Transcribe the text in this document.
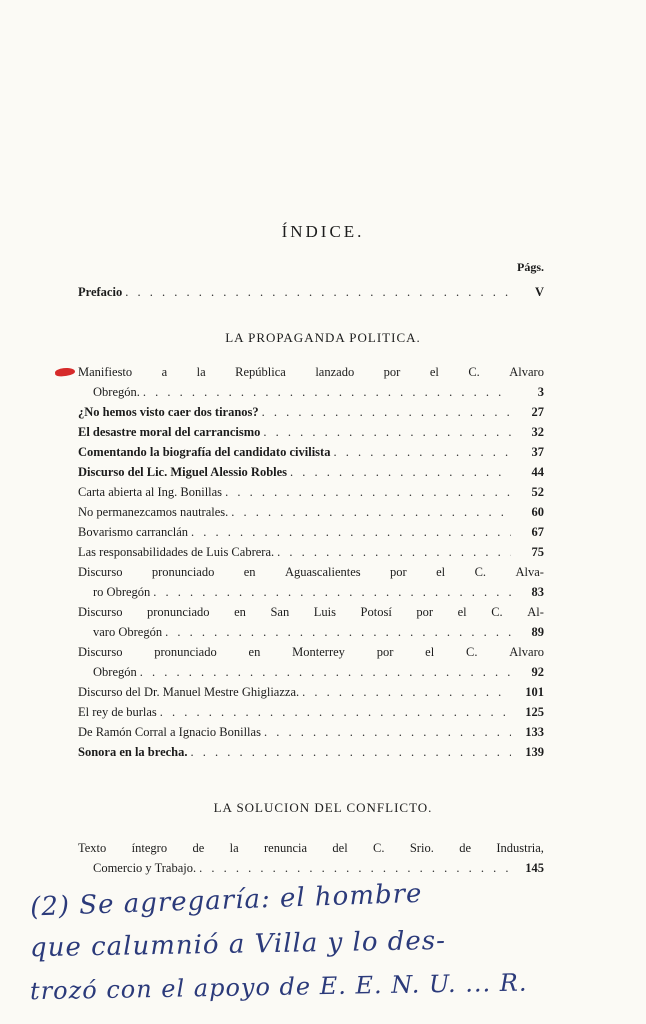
ÍNDICE.
Págs.
Prefacio . . .	V
LA PROPAGANDA POLITICA.
Manifiesto a la República lanzado por el C. Alvaro
Obregón. . . .	3
¿No hemos visto caer dos tiranos? . . .	27
El desastre moral del carrancismo . . .	32
Comentando la biografía del candidato civilista . . .	37
Discurso del Lic. Miguel Alessio Robles . . .	44
Carta abierta al Ing. Bonillas . . .	52
No permanezcamos nautrales. . . .	60
Bovarismo carranclán . . .	67
Las responsabilidades de Luis Cabrera. . . .	75
Discurso pronunciado en Aguascalientes por el C. Alva-
ro Obregón . . .	83
Discurso pronunciado en San Luis Potosí por el C. Al-
varo Obregón . . .	89
Discurso	pronunciado	en	Monterrey	por	el	C.	Alvaro
Obregón . . .	92
Discurso del Dr. Manuel Mestre Ghigliazza. . . .	101
El rey de burlas . . .	125
De Ramón Corral a Ignacio Bonillas . . .	133
Sonora en la brecha. . . .	139
LA SOLUCION DEL CONFLICTO.
Texto íntegro de la renuncia del C. Srio. de Industria,
Comercio y Trabajo. . . .	145
(2) Se agregaría: el hombre
que calumnió a Villa y lo des-
trozó con el apoyo de E. E. N. U. ... R.
